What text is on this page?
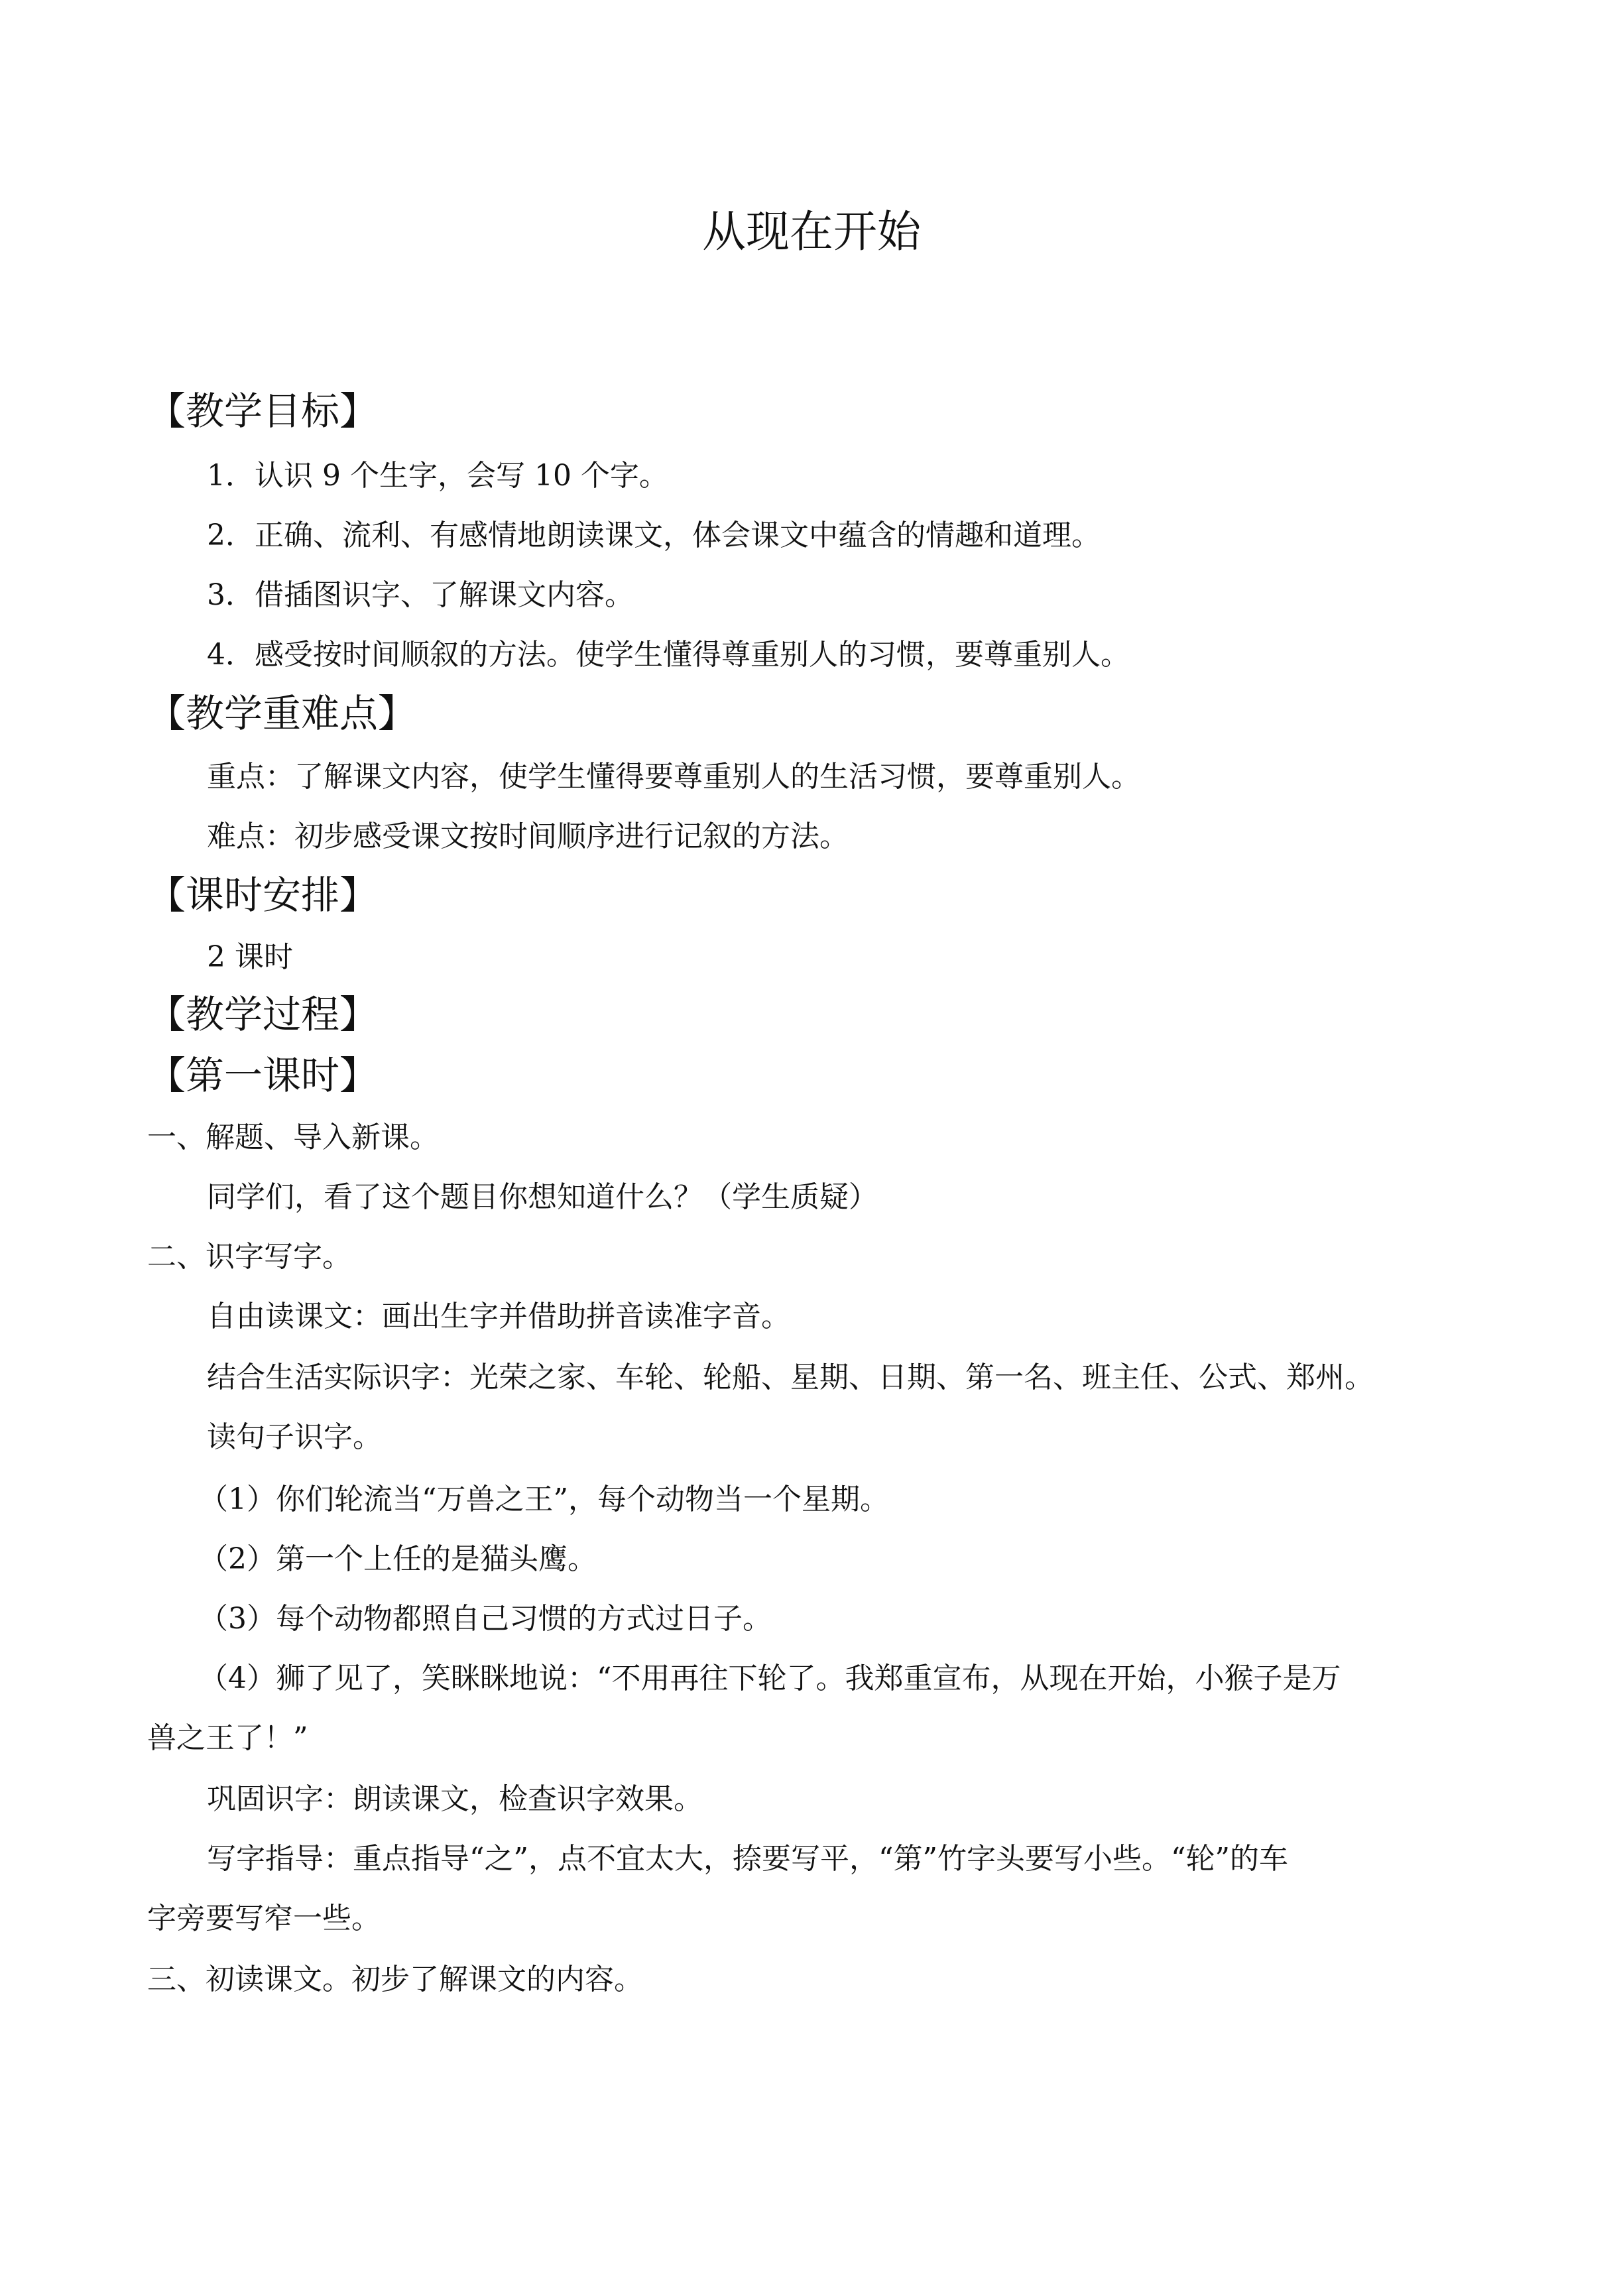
从现在开始
【教学目标】
1．认识 9 个生字，会写 10 个字。
2．正确、流利、有感情地朗读课文，体会课文中蕴含的情趣和道理。
3．借插图识字、了解课文内容。
4．感受按时间顺叙的方法。使学生懂得尊重别人的习惯，要尊重别人。
【教学重难点】
重点：了解课文内容，使学生懂得要尊重别人的生活习惯，要尊重别人。
难点：初步感受课文按时间顺序进行记叙的方法。
【课时安排】
2 课时
【教学过程】
【第一课时】
一、解题、导入新课。
同学们，看了这个题目你想知道什么？（学生质疑）
二、识字写字。
自由读课文：画出生字并借助拼音读准字音。
结合生活实际识字：光荣之家、车轮、轮船、星期、日期、第一名、班主任、公式、郑州。
读句子识字。
（1）你们轮流当“万兽之王”，每个动物当一个星期。
（2）第一个上任的是猫头鹰。
（3）每个动物都照自己习惯的方式过日子。
（4）狮了见了，笑眯眯地说：“不用再往下轮了。我郑重宣布，从现在开始，小猴子是万
兽之王了！”
巩固识字：朗读课文，检查识字效果。
写字指导：重点指导“之”，点不宜太大，捺要写平，“第”竹字头要写小些。“轮”的车
字旁要写窄一些。
三、初读课文。初步了解课文的内容。
